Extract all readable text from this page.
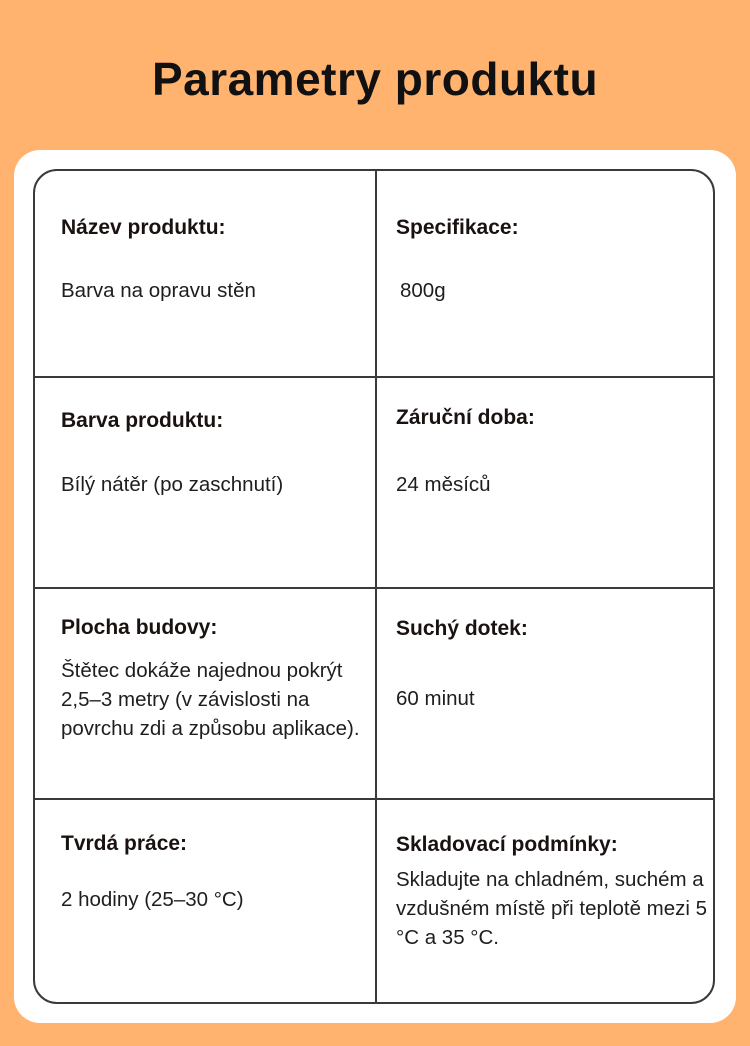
Parametry produktu
Název produktu:
Barva na opravu stěn
Specifikace:
800g
Barva produktu:
Bílý nátěr (po zaschnutí)
Záruční doba:
24 měsíců
Plocha budovy:
Štětec dokáže najednou pokrýt 2,5–3 metry (v závislosti na povrchu zdi a způsobu aplikace).
Suchý dotek:
60 minut
Tvrdá práce:
2 hodiny (25–30 °C)
Skladovací podmínky:
Skladujte na chladném, suchém a vzdušném místě při teplotě mezi 5 °C a 35 °C.
